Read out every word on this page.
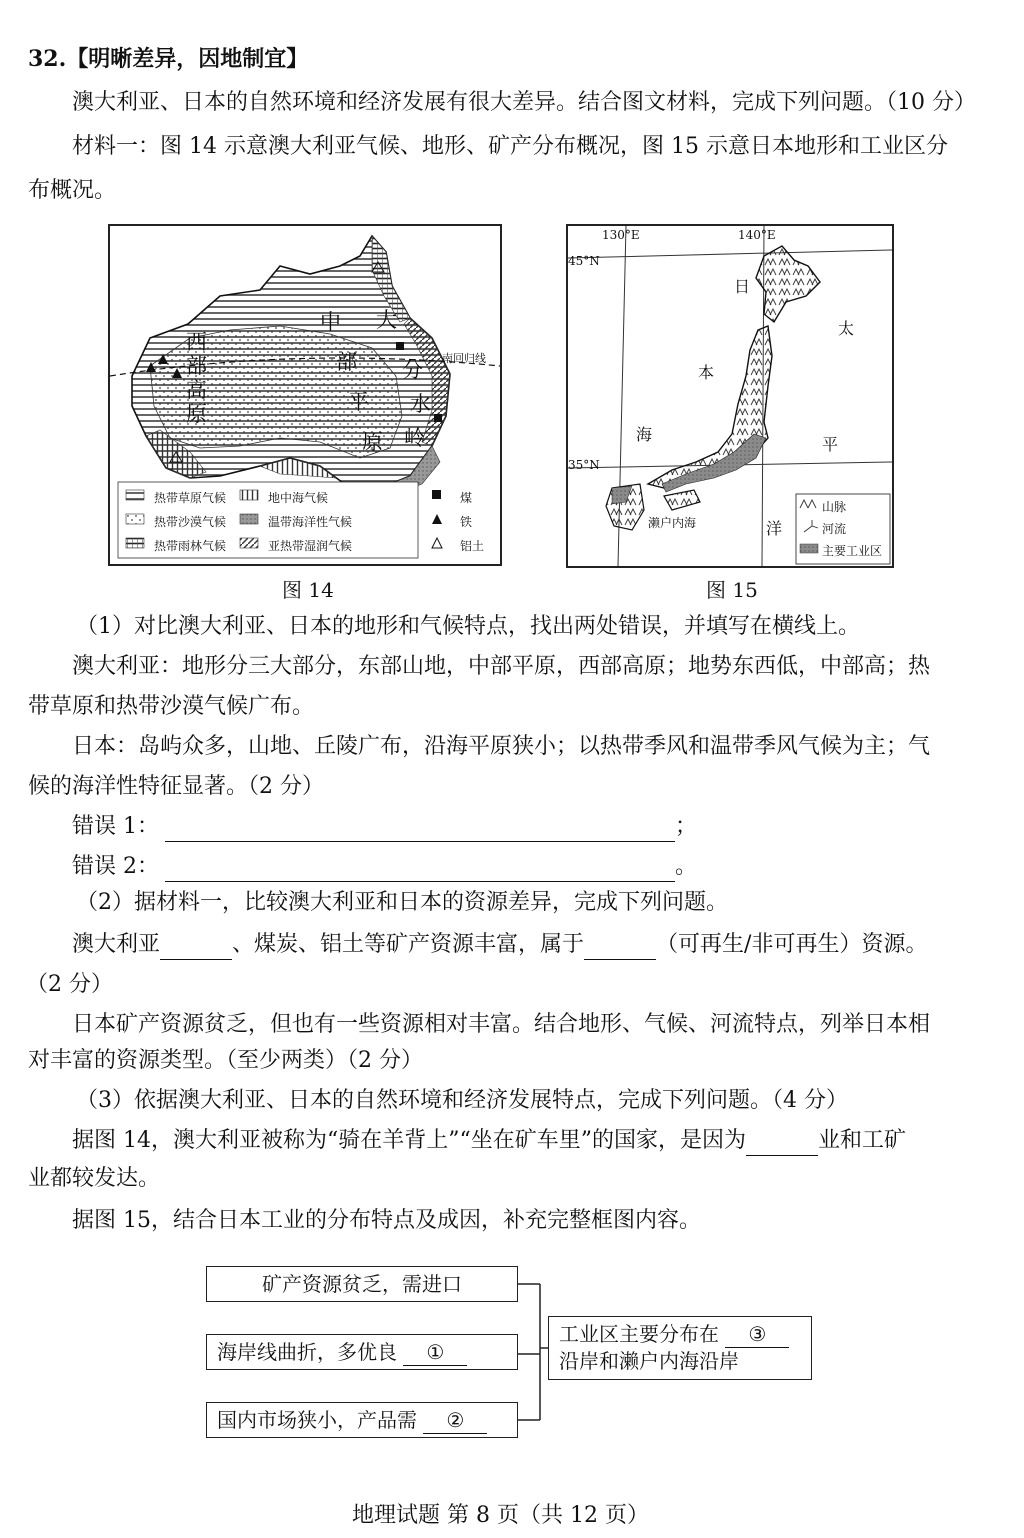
32.【明晰差异，因地制宜】
澳大利亚、日本的自然环境和经济发展有很大差异。结合图文材料，完成下列问题。（10 分）
材料一：图 14 示意澳大利亚气候、地形、矿产分布概况，图 15 示意日本地形和工业区分
布概况。
西
部
高
原
中
部
平
原
大
分
水
岭
南回归线
热带草原气候	地中海气候
热带沙漠气候	温带海洋性气候
热带雨林气候	亚热带湿润气候
煤
铁
铝土
图 14
130°E	140°E
45°N
35°N
日
本
海
太
平
洋
濑户内海
山脉
河流
主要工业区
图 15
（1）对比澳大利亚、日本的地形和气候特点，找出两处错误，并填写在横线上。
澳大利亚：地形分三大部分，东部山地，中部平原，西部高原；地势东西低，中部高；热
带草原和热带沙漠气候广布。
日本：岛屿众多，山地、丘陵广布，沿海平原狭小；以热带季风和温带季风气候为主；气
候的海洋性特征显著。（2 分）
错误 1：	；
错误 2：	。
（2）据材料一，比较澳大利亚和日本的资源差异，完成下列问题。
澳大利亚	、煤炭、铝土等矿产资源丰富，属于	（可再生/非可再生）资源。
（2 分）
日本矿产资源贫乏，但也有一些资源相对丰富。结合地形、气候、河流特点，列举日本相
对丰富的资源类型。（至少两类）（2 分）
（3）依据澳大利亚、日本的自然环境和经济发展特点，完成下列问题。（4 分）
据图 14，澳大利亚被称为“骑在羊背上”“坐在矿车里”的国家，是因为	业和工矿
业都较发达。
据图 15，结合日本工业的分布特点及成因，补充完整框图内容。
矿产资源贫乏，需进口
海岸线曲折，多优良 ①
国内市场狭小，产品需 ②
工业区主要分布在 ③
沿岸和濑户内海沿岸
地理试题 第 8 页（共 12 页）
